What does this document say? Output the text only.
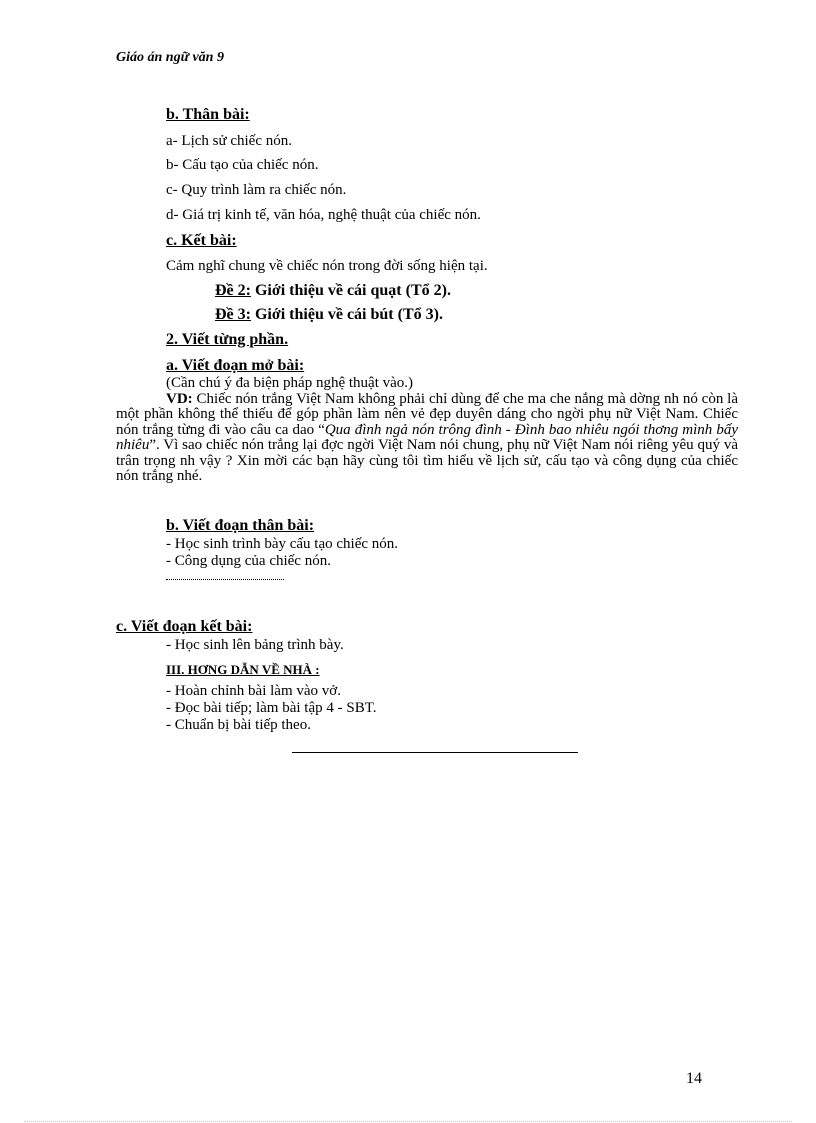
Giáo án ngữ văn 9
b. Thân bài:
a- Lịch sử chiếc nón.
b- Cấu tạo của chiếc nón.
c- Quy trình làm ra chiếc nón.
d- Giá trị kinh tế, văn hóa, nghệ thuật của chiếc nón.
c. Kết bài:
Cảm nghĩ chung về chiếc nón trong đời sống hiện tại.
Đề 2: Giới thiệu về cái quạt (Tổ 2).
Đề 3: Giới thiệu về cái bút (Tổ 3).
2. Viết từng phần.
a. Viết đoạn mở bài:
(Cần chú ý đa biện pháp nghệ thuật vào.)
VD: Chiếc nón trắng Việt Nam không phải chỉ dùng để che ma che nắng mà dờng nh nó còn là một phần không thể thiếu để góp phần làm nên vẻ đẹp duyên dáng cho ngời phụ nữ Việt Nam. Chiếc nón trắng từng đi vào câu ca dao “Qua đình ngả nón trông đình - Đình bao nhiêu ngói thơng mình bấy nhiêu”. Vì sao chiếc nón trắng lại đợc ngời Việt Nam nói chung, phụ nữ Việt Nam nói riêng yêu quý và trân trọng nh vậy ? Xin mời các bạn hãy cùng tôi tìm hiểu về lịch sử, cấu tạo và công dụng của chiếc nón trắng nhé.
b. Viết đoạn thân bài:
- Học sinh trình bày cấu tạo chiếc nón.
- Công dụng của chiếc nón.
c. Viết đoạn kết bài:
- Học sinh lên bảng trình bày.
III. HƠNG DẪN VỀ NHÀ :
- Hoàn chỉnh bài làm vào vở.
- Đọc bài tiếp; làm bài tập 4 - SBT.
- Chuẩn bị bài tiếp theo.
14
